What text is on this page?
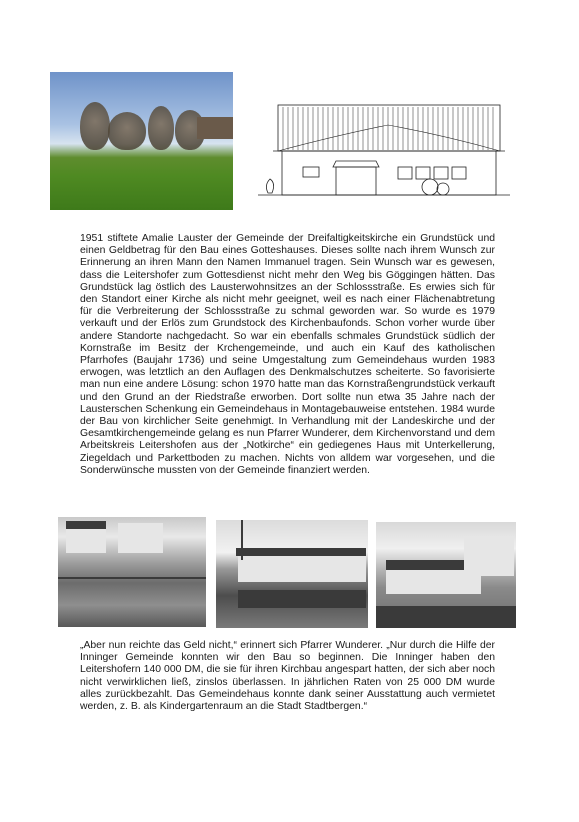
1951 stiftete Amalie Lauster der Gemeinde der Dreifaltigkeitskirche ein Grundstück und einen Geldbetrag für den Bau eines Gotteshauses. Dieses sollte nach ihrem Wunsch zur Erinnerung an ihren Mann den Namen Immanuel tragen. Sein Wunsch war es gewesen, dass die Leitershofer zum Gottesdienst nicht mehr den Weg bis Göggingen hätten. Das Grundstück lag östlich des Lausterwohnsitzes an der Schlossstraße. Es erwies sich für den Standort einer Kirche als nicht mehr geeignet, weil es nach einer Flächenabtretung für die Verbreiterung der Schlossstraße zu schmal geworden war. So wurde es 1979 verkauft und der Erlös zum Grundstock des Kirchenbaufonds. Schon vorher wurde über andere Standorte nachgedacht. So war ein ebenfalls schmales Grundstück südlich der Kornstraße im Besitz der Krchengemeinde, und auch ein Kauf des katholischen Pfarrhofes (Baujahr 1736) und seine Umgestaltung zum Gemeindehaus wurden 1983 erwogen, was letztlich an den Auflagen des Denkmalschutzes scheiterte. So favorisierte man nun eine andere Lösung: schon 1970 hatte man das Kornstraßengrundstück verkauft und den Grund an der Riedstraße erworben. Dort sollte nun etwa 35 Jahre nach der Lausterschen Schenkung ein Gemeindehaus in Montagebauweise entstehen. 1984 wurde der Bau von kirchlicher Seite genehmigt. In Verhandlung mit der Landeskirche und der Gesamtkirchengemeinde gelang es nun Pfarrer Wunderer, dem Kirchenvorstand und dem Arbeitskreis Leitershofen aus der „Notkirche“ ein gediegenes Haus mit Unterkellerung, Ziegeldach und Parkettboden zu machen. Nichts von alldem war vorgesehen, und die Sonderwünsche mussten von der Gemeinde finanziert werden.
„Aber nun reichte das Geld nicht,“ erinnert sich Pfarrer Wunderer. „Nur durch die Hilfe der Inninger Gemeinde konnten wir den Bau so beginnen. Die Inninger haben den Leitershofern 140 000 DM, die sie für ihren Kirchbau angespart hatten, der sich aber noch nicht verwirklichen ließ, zinslos überlassen. In jährlichen Raten von 25 000 DM wurde alles zurückbezahlt. Das Gemeindehaus konnte dank seiner Ausstattung auch vermietet werden, z. B. als Kindergartenraum an die Stadt Stadtbergen.“
